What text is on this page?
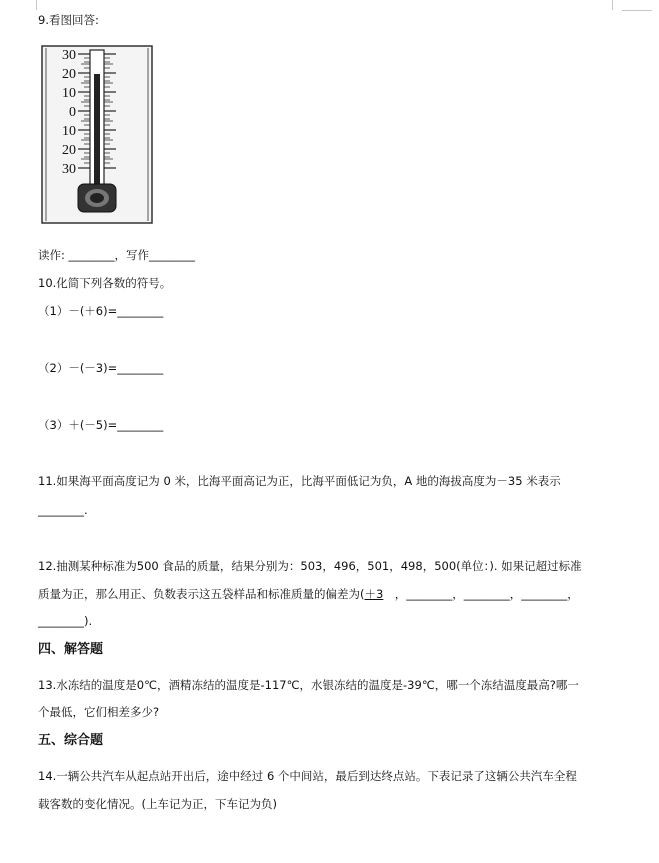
9.看图回答:
30
20
10
0
10
20
30
读作: ________，写作________
10.化简下列各数的符号。
（1）－(＋6)=________
（2）－(－3)=________
（3）＋(－5)=________
11.如果海平面高度记为 0 米，比海平面高记为正，比海平面低记为负，A 地的海拔高度为－35 米表示
________.
12.抽测某种标准为500 食品的质量，结果分别为：503，496，501，498，500(单位：). 如果记超过标准
质量为正，那么用正、负数表示这五袋样品和标准质量的偏差为(＋3　，________，________，________，
________).
四、解答题
13.水冻结的温度是0℃，酒精冻结的温度是-117℃，水银冻结的温度是-39℃，哪一个冻结温度最高?哪一
个最低，它们相差多少?
五、综合题
14.一辆公共汽车从起点站开出后，途中经过 6 个中间站，最后到达终点站。下表记录了这辆公共汽车全程
载客数的变化情况。(上车记为正，下车记为负)
